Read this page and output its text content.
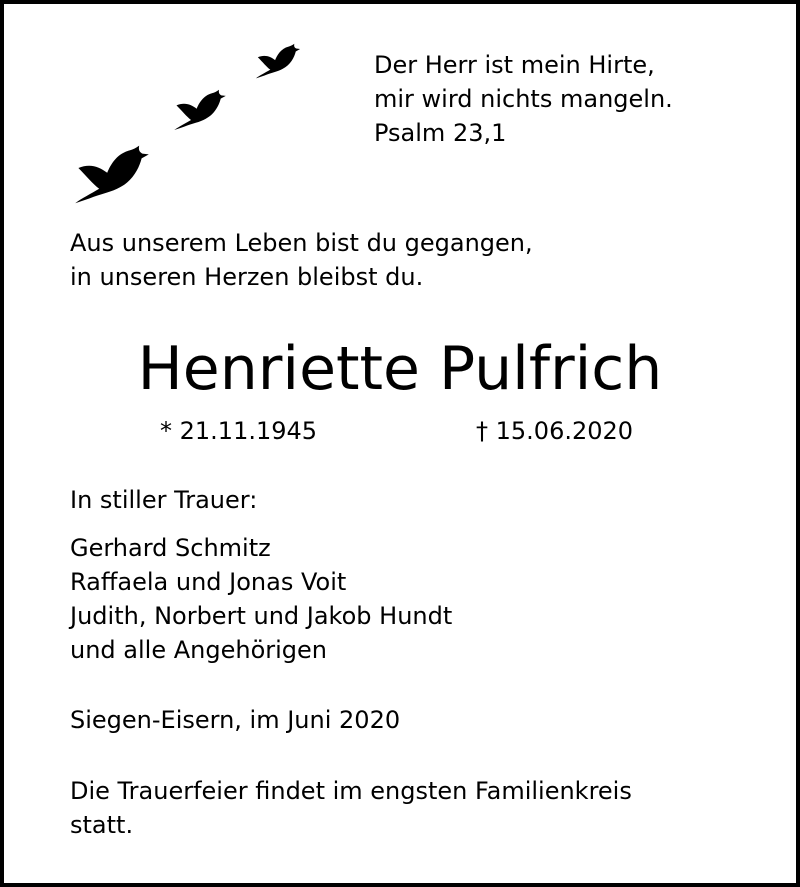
Der Herr ist mein Hirte,
mir wird nichts mangeln.
Psalm 23,1
Aus unserem Leben bist du gegangen,
in unseren Herzen bleibst du.
Henriette Pulfrich
* 21.11.1945	† 15.06.2020
In stiller Trauer:
Gerhard Schmitz
Raffaela und Jonas Voit
Judith, Norbert und Jakob Hundt
und alle Angehörigen
Siegen-Eisern, im Juni 2020
Die Trauerfeier findet im engsten Familienkreis
statt.
